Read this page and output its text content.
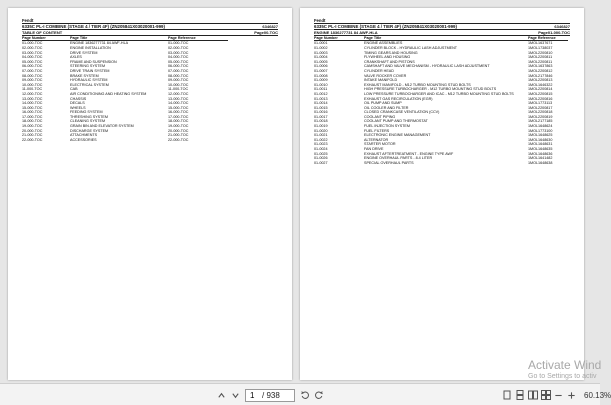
Fendt
6335C PL-I COMBINE (STAGE 4 / TIER 4F) (ZN205841X03020001-999)	6346827
TABLE OF CONTENT	Page00-TOC
Page Number	Page Title	Page Reference
01-000-TOC	ENGINE 1836277731 84 AWF-HLA	01-000-TOC
02-000-TOC	ENGINE INSTALLATION	02-000-TOC
03-000-TOC	DRIVE SYSTEM	03-000-TOC
04-000-TOC	AXLES	04-000-TOC
05-000-TOC	FRAME AND SUSPENSION	05-000-TOC
06-000-TOC	STEERING SYSTEM	06-000-TOC
07-000-TOC	DRIVE TRAIN SYSTEM	07-000-TOC
08-000-TOC	BRAKE SYSTEM	08-000-TOC
09-000-TOC	HYDRAULIC SYSTEM	09-000-TOC
10-000-TOC	ELECTRICAL SYSTEM	10-000-TOC
11-000-TOC	CAB	11-000-TOC
12-000-TOC	AIR CONDITIONING AND HEATING SYSTEM	12-000-TOC
13-000-TOC	CHASSIS	13-000-TOC
14-000-TOC	DECALS	14-000-TOC
15-000-TOC	WHEELS	15-000-TOC
16-000-TOC	FEEDING SYSTEM	16-000-TOC
17-000-TOC	THRESHING SYSTEM	17-000-TOC
18-000-TOC	CLEANING SYSTEM	18-000-TOC
19-000-TOC	GRAIN BIN AND ELEVATOR SYSTEM	19-000-TOC
20-000-TOC	DISCHARGE SYSTEM	20-000-TOC
21-000-TOC	ATTACHMENTS	21-000-TOC
22-000-TOC	ACCESSORIES	22-000-TOC
Fendt
6335C PL-I COMBINE (STAGE 4 / TIER 4F) (ZN205841X03020001-999)	6346827
ENGINE 1836277731 84 AWF-HLA	Page01-000-TOC
Page Number	Page Title	Page Reference
01-0001	ENGINE ASSEMBLIES	1MOL1637671
01-0002	CYLINDER BLOCK - HYDRAULIC LASH ADJUSTMENT	1MOL1738037
01-0003	TIMING GEARS AND HOUSING	1MOL2200810
01-0004	FLYWHEEL AND HOUSING	1MOL2200811
01-0005	CRANKSHAFT AND PISTONS	1MOL2200811
01-0006	CAMSHAFT AND VALVE MECHANISM - HYDRAULIC LASH ADJUSTMENT	1MOL1637863
01-0007	CYLINDER HEAD	1MOL2200812
01-0008	VALVE ROCKER COVER	1MOL2177846
01-0009	INTAKE MANIFOLD	1MOL2200813
01-0010	EXHAUST MANIFOLD - M12 TURBO MOUNTING STUD BOLTS	1MOL1646322
01-0011	HIGH PRESSURE TURBOCHARGER - M12 TURBO MOUNTING STUD BOLTS	1MOL2200814
01-0012	LOW PRESSURE TURBOCHARGER AND ICAC - M12 TURBO MOUNTING STUD BOLTS	1MOL2200815
01-0013	EXHAUST GAS RECIRCULATION (EGR)	1MOL2200816
01-0014	OIL PUMP AND SUMP	1MOL1773113
01-0015	OIL COOLER AND FILTER	1MOL2200817
01-0016	CLOSED CRANKCASE VENTILATION (CCV)	1MOL2200818
01-0017	COOLANT PIPING	1MOL2200819
01-0018	COOLANT PUMP AND THERMOSTAT	1MOL2177185
01-0019	FUEL INJECTION SYSTEM	1MOL1648624
01-0020	FUEL FILTERS	1MOL1773100
01-0021	ELECTRONIC ENGINE MANAGEMENT	1MOL1648625
01-0022	ALTERNATOR	1MOL1648630
01-0023	STARTER MOTOR	1MOL1648631
01-0024	FAN DRIVE	1MOL1648635
01-0025	EXHAUST AFTERTREATMENT - ENGINE TYPE AWF	1MOL1648636
01-0026	ENGINE OVERHAUL PARTS - 8.4 LITER	1MOL1641482
01-0027	SPECIAL OVERHAUL PARTS	1MOL1648638
Activate Wind
Go to Settings to activ
1
/ 938	60.13%
